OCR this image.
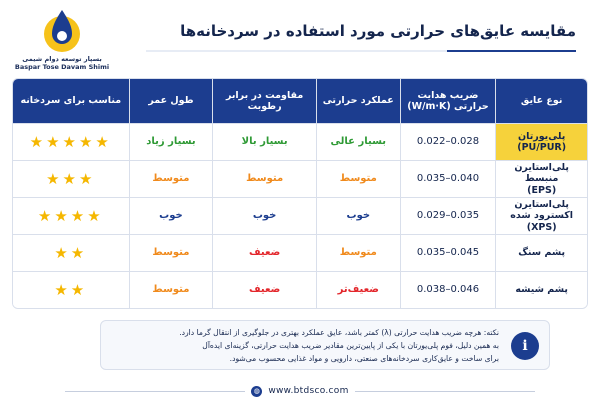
بسپار توسعه دوام شیمی
Baspar Tose Davam Shimi
مقایسه عایق‌های حرارتی مورد استفاده در سردخانه‌ها
نوع عایق
ضریب هدایت حرارتی (W/m·K)
عملکرد حرارتی
مقاومت در برابر رطوبت
طول عمر
مناسب برای سردخانه
پلی‌یورتان
(PU/PUR)
0.022–0.028
بسیار عالی
بسیار بالا
بسیار زیاد
★★★★★
پلی‌استایرن منبسط
(EPS)
0.035–0.040
متوسط
متوسط
متوسط
★★★
پلی‌استایرن اکسترود شده
(XPS)
0.029–0.035
خوب
خوب
خوب
★★★★
پشم سنگ
0.035–0.045
متوسط
ضعیف
متوسط
★★
پشم شیشه
0.038–0.046
ضعیف‌تر
ضعیف
متوسط
★★
i
نکته: هرچه ضریب هدایت حرارتی (λ) کمتر باشد، عایق عملکرد بهتری در جلوگیری از انتقال گرما دارد.
به همین دلیل، فوم پلی‌یورتان با یکی از پایین‌ترین مقادیر ضریب هدایت حرارتی، گزینه‌ای ایده‌آل
برای ساخت و عایق‌کاری سردخانه‌های صنعتی، دارویی و مواد غذایی محسوب می‌شود.
◍ www.btdsco.com
